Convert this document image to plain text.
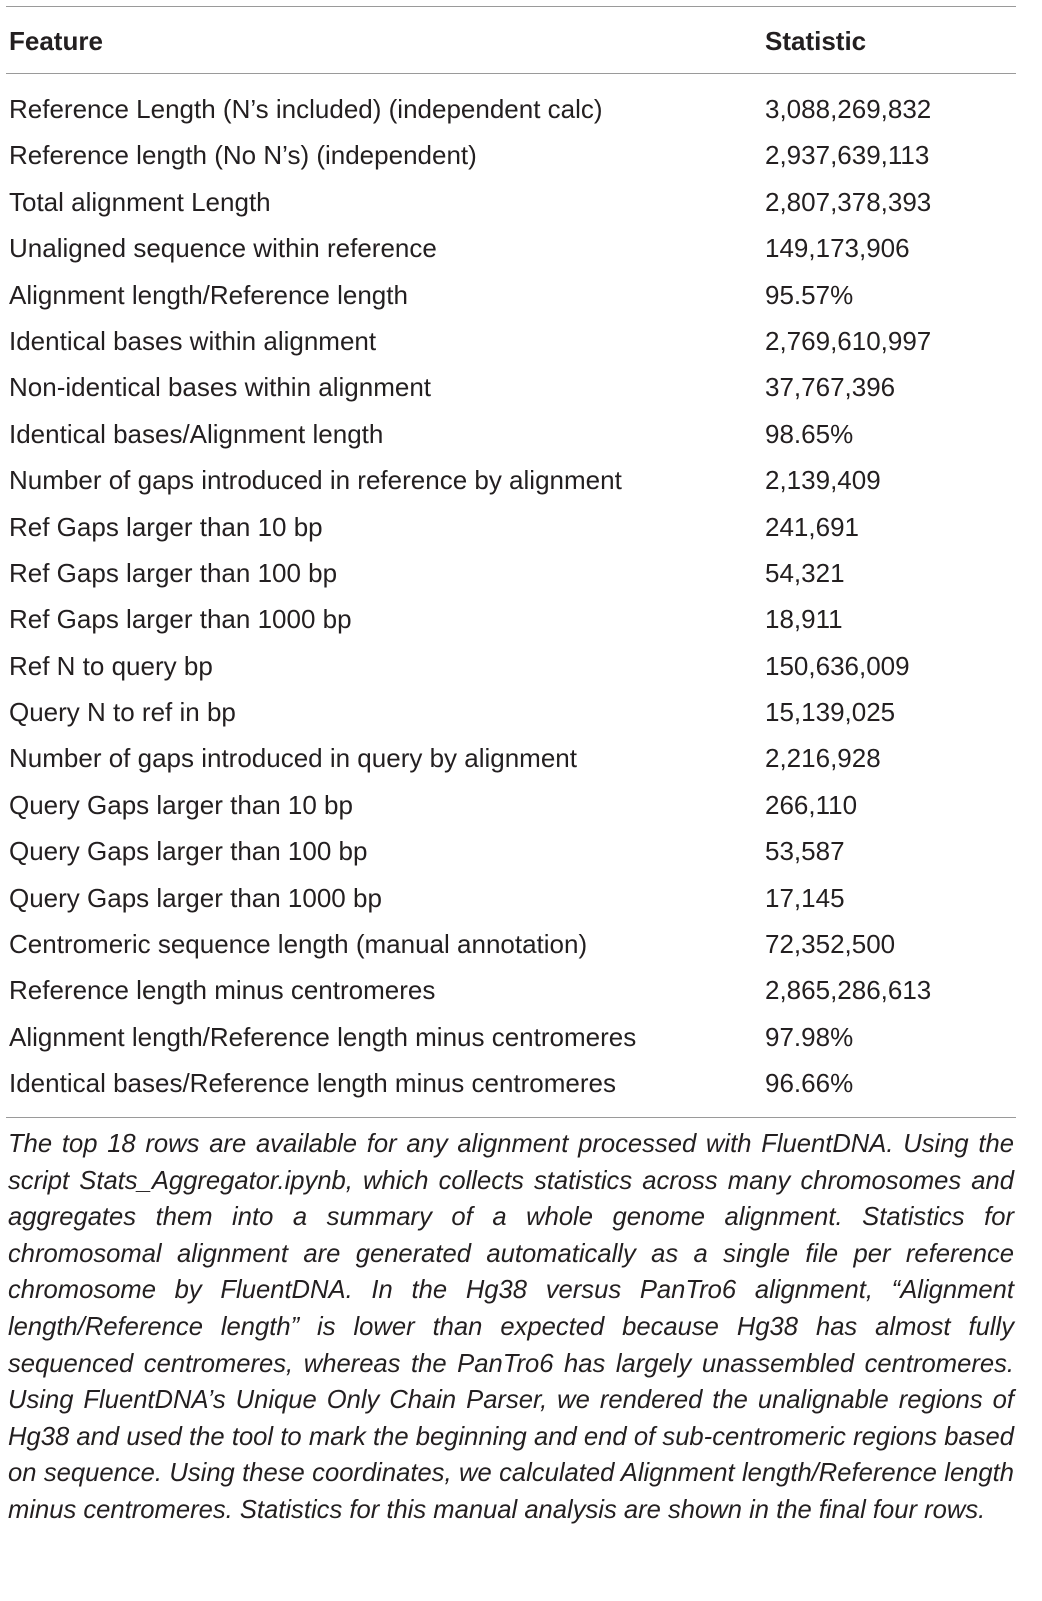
Feature	Statistic
Reference Length (N’s included) (independent calc)	3,088,269,832
Reference length (No N’s) (independent)	2,937,639,113
Total alignment Length	2,807,378,393
Unaligned sequence within reference	149,173,906
Alignment length/Reference length	95.57%
Identical bases within alignment	2,769,610,997
Non-identical bases within alignment	37,767,396
Identical bases/Alignment length	98.65%
Number of gaps introduced in reference by alignment	2,139,409
Ref Gaps larger than 10 bp	241,691
Ref Gaps larger than 100 bp	54,321
Ref Gaps larger than 1000 bp	18,911
Ref N to query bp	150,636,009
Query N to ref in bp	15,139,025
Number of gaps introduced in query by alignment	2,216,928
Query Gaps larger than 10 bp	266,110
Query Gaps larger than 100 bp	53,587
Query Gaps larger than 1000 bp	17,145
Centromeric sequence length (manual annotation)	72,352,500
Reference length minus centromeres	2,865,286,613
Alignment length/Reference length minus centromeres	97.98%
Identical bases/Reference length minus centromeres	96.66%
The top 18 rows are available for any alignment processed with FluentDNA. Using the script Stats_Aggregator.ipynb, which collects statistics across many chromosomes and aggregates them into a summary of a whole genome alignment. Statistics for chromosomal alignment are generated automatically as a single file per reference chromosome by FluentDNA. In the Hg38 versus PanTro6 alignment, “Alignment length/Reference length” is lower than expected because Hg38 has almost fully sequenced centromeres, whereas the PanTro6 has largely unassembled centromeres. Using FluentDNA’s Unique Only Chain Parser, we rendered the unalignable regions of Hg38 and used the tool to mark the beginning and end of sub-centromeric regions based on sequence. Using these coordinates, we calculated Alignment length/Reference length minus centromeres. Statistics for this manual analysis are shown in the final four rows.
